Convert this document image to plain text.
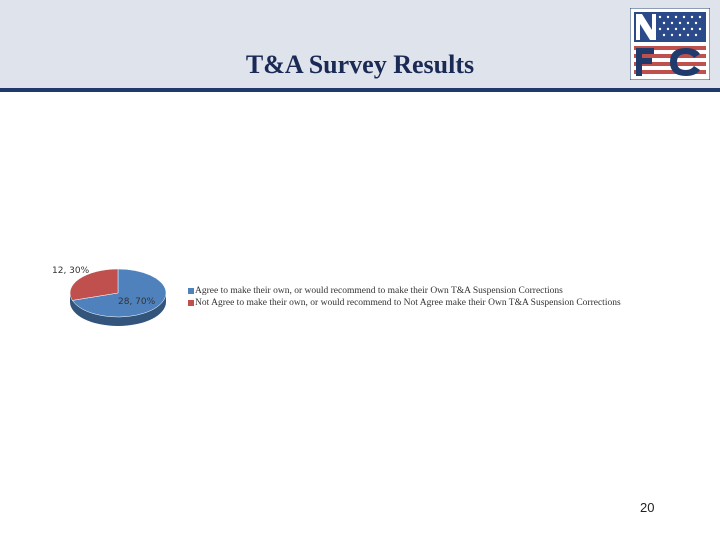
T&A Survey Results
12, 30%
28, 70%
Agree to make their own, or would recommend to make their Own T&A Suspension Corrections
Not Agree to make their own, or would recommend to Not Agree make their Own T&A Suspension Corrections
20
